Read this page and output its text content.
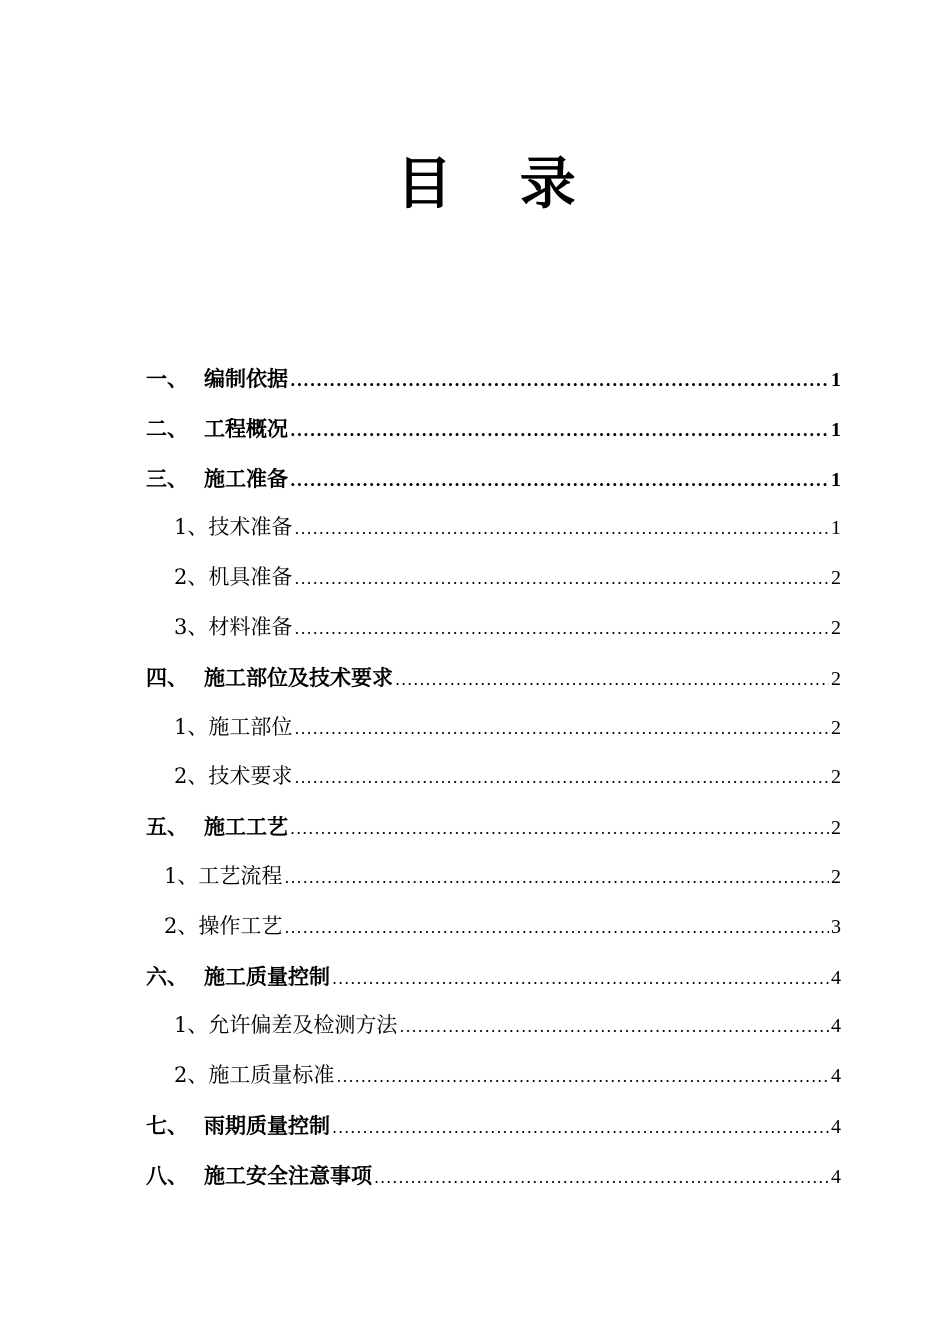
目 录
一、 编制依据 .....	1
二、 工程概况 .....	1
三、 施工准备 .....	1
1、 技术准备 .....	1
2、 机具准备 .....	2
3、 材料准备 .....	2
四、 施工部位及技术要求 .....	2
1、 施工部位 .....	2
2、 技术要求 .....	2
五、 施工工艺 .....	2
1、 工艺流程 .....	2
2、 操作工艺 .....	3
六、 施工质量控制 .....	4
1、 允许偏差及检测方法 .....	4
2、 施工质量标准 .....	4
七、 雨期质量控制 .....	4
八、 施工安全注意事项 .....	4
